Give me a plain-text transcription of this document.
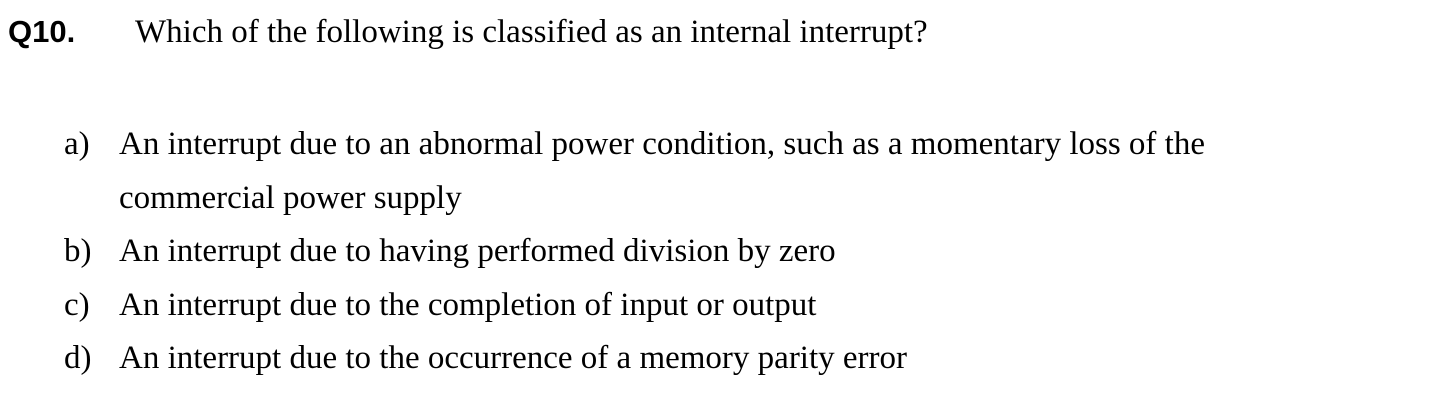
Q10. Which of the following is classified as an internal interrupt?
a) An interrupt due to an abnormal power condition, such as a momentary loss of the commercial power supply
b) An interrupt due to having performed division by zero
c) An interrupt due to the completion of input or output
d) An interrupt due to the occurrence of a memory parity error
